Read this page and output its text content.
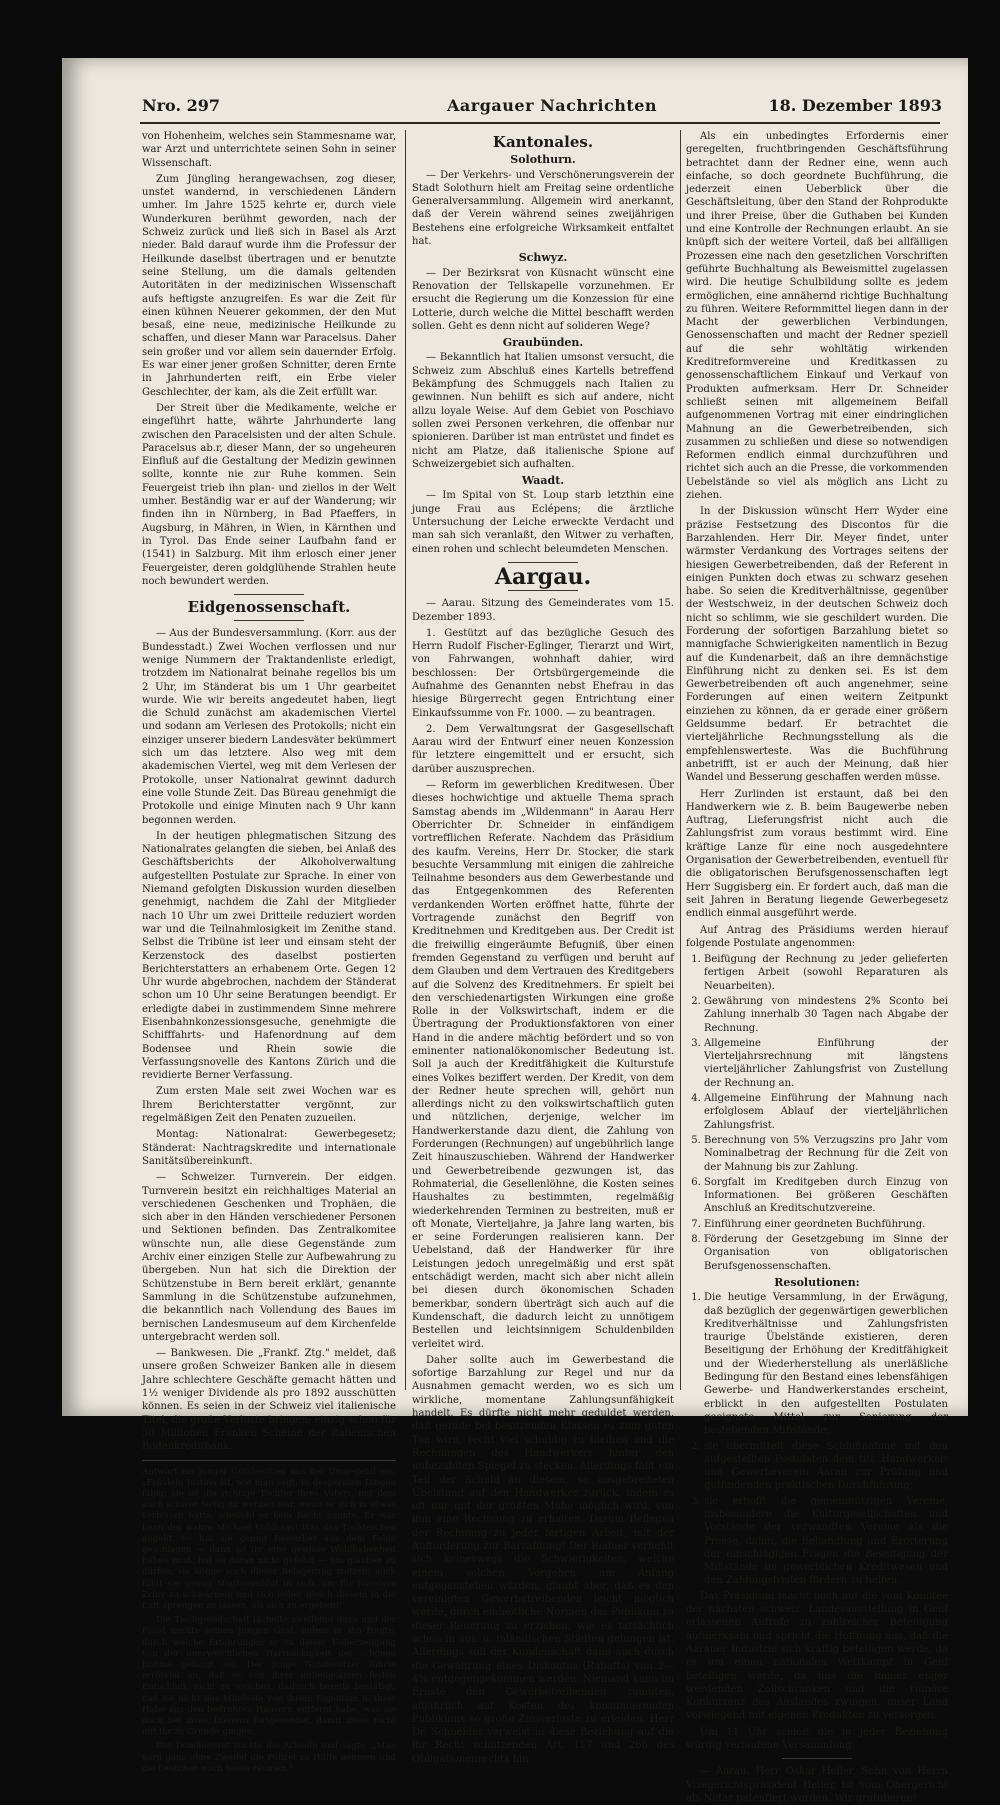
Nro. 297	Aargauer Nachrichten	18. Dezember 1893

von Hohenheim, welches sein Stammesname war, war Arzt und unterrichtete seinen Sohn in seiner Wissenschaft.

Zum Jüngling herangewachsen, zog dieser, unstet wandernd, in verschiedenen Ländern umher. Im Jahre 1525 kehrte er, durch viele Wunderkuren berühmt geworden, nach der Schweiz zurück und ließ sich in Basel als Arzt nieder. Bald darauf wurde ihm die Professur der Heilkunde daselbst übertragen und er benutzte seine Stellung, um die damals geltenden Autoritäten in der medizinischen Wissenschaft aufs heftigste anzugreifen. Es war die Zeit für einen kühnen Neuerer gekommen, der den Mut besaß, eine neue, medizinische Heilkunde zu schaffen, und dieser Mann war Paracelsus. Daher sein großer und vor allem sein dauernder Erfolg. Es war einer jener großen Schnitter, deren Ernte in Jahrhunderten reift, ein Erbe vieler Geschlechter, der kam, als die Zeit erfüllt war.

Der Streit über die Medikamente, welche er eingeführt hatte, währte Jahrhunderte lang zwischen den Paracelsisten und der alten Schule. Paracelsus ab.r, dieser Mann, der so ungeheuren Einfluß auf die Gestaltung der Medizin gewinnen sollte, konnte nie zur Ruhe kommen. Sein Feuergeist trieb ihn plan- und ziellos in der Welt umher. Beständig war er auf der Wanderung; wir finden ihn in Nürnberg, in Bad Pfaeffers, in Augsburg, in Mähren, in Wien, in Kärnthen und in Tyrol. Das Ende seiner Laufbahn fand er (1541) in Salzburg. Mit ihm erlosch einer jener Feuergeister, deren goldglühende Strahlen heute noch bewundert werden.

Eidgenossenschaft.

— Aus der Bundesversammlung. (Korr. aus der Bundesstadt.) Zwei Wochen verflossen und nur wenige Nummern der Traktandenliste erledigt, trotzdem im Nationalrat beinahe regellos bis um 2 Uhr, im Ständerat bis um 1 Uhr gearbeitet wurde. Wie wir bereits angedeutet haben, liegt die Schuld zunächst am akademischen Viertel und sodann am Verlesen des Protokolls; nicht ein einziger unserer biedern Landesväter bekümmert sich um das letztere. Also weg mit dem akademischen Viertel, weg mit dem Verlesen der Protokolle, unser Nationalrat gewinnt dadurch eine volle Stunde Zeit. Das Büreau genehmigt die Protokolle und einige Minuten nach 9 Uhr kann begonnen werden.

In der heutigen phlegmatischen Sitzung des Nationalrates gelangten die sieben, bei Anlaß des Geschäftsberichts der Alkoholverwaltung aufgestellten Postulate zur Sprache. In einer von Niemand gefolgten Diskussion wurden dieselben genehmigt, nachdem die Zahl der Mitglieder nach 10 Uhr um zwei Dritteile reduziert worden war und die Teilnahmlosigkeit im Zenithe stand. Selbst die Tribüne ist leer und einsam steht der Kerzenstock des daselbst postierten Berichterstatters an erhabenem Orte. Gegen 12 Uhr wurde abgebrochen, nachdem der Ständerat schon um 10 Uhr seine Beratungen beendigt. Er erledigte dabei in zustimmendem Sinne mehrere Eisenbahnkonzessionsgesuche, genehmigte die Schifffahrts- und Hafenordnung auf dem Bodensee und Rhein sowie die Verfassungsnovelle des Kantons Zürich und die revidierte Berner Verfassung.

Zum ersten Male seit zwei Wochen war es Ihrem Berichterstatter vergönnt, zur regelmäßigen Zeit den Penaten zuzueilen.

Montag: Nationalrat: Gewerbegesetz; Ständerat: Nachtragskredite und internationale Sanitätsübereinkunft.

— Schweizer. Turnverein. Der eidgen. Turnverein besitzt ein reichhaltiges Material an verschiedenen Geschenken und Trophäen, die sich aber in den Händen verschiedener Personen und Sektionen befinden. Das Zentralkomitee wünschte nun, alle diese Gegenstände zum Archiv einer einzigen Stelle zur Aufbewahrung zu übergeben. Nun hat sich die Direktion der Schützenstube in Bern bereit erklärt, genannte Sammlung in die Schützenstube aufzunehmen, die bekanntlich nach Vollendung des Baues im bernischen Landesmuseum auf dem Kirchenfelde untergebracht werden soll.

— Bankwesen. Die „Frankf. Ztg." meldet, daß unsere großen Schweizer Banken alle in diesem Jahre schlechtere Geschäfte gemacht hätten und 1½ weniger Dividende als pro 1892 ausschütten können. Es seien in der Schweiz viel italienische Titel, die große Verluste bringen; einzig schon für 30 Millionen Franken Scheine der italienischen Bodenkreditbank.

Antwort ein junger Gutsbesitzer aus der Umgegend ein. „Fräulein Justina ist, wie man sagt, in desperaten Dingen fähig; sie ist die richtige Tochter ihres Vaters, mit dem auch schwer fertig zu werden war, wenn er sich in etwas verbissen hatte, wiewohl er kein Recht nannte. Er war bann der wahre Michael Kohlhaas! Was das Töchterchen angeht, so hat sie genug Bewerber aus dem Felde geschlagen — dann ist ihr eine gewisse Wohlhabenheit haben muß, hat es daran nicht gefehlt — um glauben zu dürfen, sie könne auch dieser Belagerung trotzen; auch fühlt sie genug Magharenblut in sich, um für Nicolaus Zriny zu schwärmen und sich lieber gleich diesem in die Luft sprengen zu lassen, als sich zu ergeben!"

Die Tischgesellschaft lächelte zweifelnd dazu und der Fürst neckte seinen jungen Gast, indem er ihn fragte, durch welche Erfahrungen er zu dieser Ueberzeugung von der unerweichlichen Hartnäckigkeit der schönen Justina gelangt sei. Der junge Gutsbesitzer führte errötend an, daß er von ihrer unbeugsamen festen Entschluß, nicht zu weichen, dadurch bereits bestätigt, daß sie nicht das Mindeste von ihrem Eigentum u. ihrer Habe aus den bedrohten Häusern entfernt habe, was sie doch bei ihren Dienern fortgesendet, damit diese nicht mit ihr zu Grunde gingen.

Der Domänenrat zuckte die Achseln und sagte: „Man wird ganz ohne Zweifel die Polizei zu Hülfe nehmen und die Leutchen noch heute räumen."

Kantonales.
Solothurn.

— Der Verkehrs- und Verschönerungsverein der Stadt Solothurn hielt am Freitag seine ordentliche Generalversammlung. Allgemein wird anerkannt, daß der Verein während seines zweijährigen Bestehens eine erfolgreiche Wirksamkeit entfaltet hat.

Schwyz.

— Der Bezirksrat von Küsnacht wünscht eine Renovation der Tellskapelle vorzunehmen. Er ersucht die Regierung um die Konzession für eine Lotterie, durch welche die Mittel beschafft werden sollen. Geht es denn nicht auf solideren Wege?

Graubünden.

— Bekanntlich hat Italien umsonst versucht, die Schweiz zum Abschluß eines Kartells betreffend Bekämpfung des Schmuggels nach Italien zu gewinnen. Nun behilft es sich auf andere, nicht allzu loyale Weise. Auf dem Gebiet von Poschiavo sollen zwei Personen verkehren, die offenbar nur spionieren. Darüber ist man entrüstet und findet es nicht am Platze, daß italienische Spione auf Schweizergebiet sich aufhalten.

Waadt.

— Im Spital von St. Loup starb letzthin eine junge Frau aus Eclépens; die ärztliche Untersuchung der Leiche erweckte Verdacht und man sah sich veranlaßt, den Witwer zu verhaften, einen rohen und schlecht beleumdeten Menschen.

Aargau.

— Aarau. Sitzung des Gemeinderates vom 15. Dezember 1893.

1. Gestützt auf das bezügliche Gesuch des Herrn Rudolf Fischer-Eglinger, Tierarzt und Wirt, von Fahrwangen, wohnhaft dahier, wird beschlossen: Der Ortsbürgergemeinde die Aufnahme des Genannten nebst Ehefrau in das hiesige Bürgerrecht gegen Entrichtung einer Einkaufssumme von Fr. 1000. — zu beantragen.

2. Dem Verwaltungsrat der Gasgesellschaft Aarau wird der Entwurf einer neuen Konzession für letztere eingemittelt und er ersucht, sich darüber auszusprechen.

— Reform im gewerblichen Kreditwesen. Über dieses hochwichtige und aktuelle Thema sprach Samstag abends im „Wildenmann" in Aarau Herr Oberrichter Dr. Schneider in einfändigem vortrefflichen Referate. Nachdem das Präsidium des kaufm. Vereins, Herr Dr. Stocker, die stark besuchte Versammlung mit einigen die zahlreiche Teilnahme besonders aus dem Gewerbestande und das Entgegenkommen des Referenten verdankenden Worten eröffnet hatte, führte der Vortragende zunächst den Begriff von Kreditnehmen und Kreditgeben aus. Der Credit ist die freiwillig eingeräumte Befugniß, über einen fremden Gegenstand zu verfügen und beruht auf dem Glauben und dem Vertrauen des Kreditgebers auf die Solvenz des Kreditnehmers. Er spielt bei den verschiedenartigsten Wirkungen eine große Rolle in der Volkswirtschaft, indem er die Übertragung der Produktionsfaktoren von einer Hand in die andere mächtig befördert und so von eminenter nationalökonomischer Bedeutung ist. Soll ja auch der Kreditfähigkeit die Kulturstufe eines Volkes beziffert werden. Der Kredit, von dem der Redner heute sprechen will, gehört nun allerdings nicht zu den volkswirtschaftlich guten und nützlichen, derjenige, welcher im Handwerkerstande dazu dient, die Zahlung von Forderungen (Rechnungen) auf ungebührlich lange Zeit hinauszuschieben. Während der Handwerker und Gewerbetreibende gezwungen ist, das Rohmaterial, die Gesellenlöhne, die Kosten seines Haushaltes zu bestimmten, regelmäßig wiederkehrenden Terminen zu bestreiten, muß er oft Monate, Vierteljahre, ja Jahre lang warten, bis er seine Forderungen realisieren kann. Der Uebelstand, daß der Handwerker für ihre Leistungen jedoch unregelmäßig und erst spät entschädigt werden, macht sich aber nicht allein bei diesen durch ökonomischen Schaden bemerkbar, sondern überträgt sich auch auf die Kundenschaft, die dadurch leicht zu unnötigem Bestellen und leichtsinnigem Schuldenbilden verleitet wird.

Daher sollte auch im Gewerbestand die sofortige Barzahlung zur Regel und nur da Ausnahmen gemacht werden, wo es sich um wirkliche, momentane Zahlungsunfähigkeit handelt. Es dürfte nicht mehr geduldet werden, daß gerade bei besitzenden Klassen es zum guten Ton wird, recht viel schuldig zu bleiben und die Rechnungen des Handwerkers hinter den unbezahlten Spiegel zu stecken. Allerdings fällt ein Teil der Schuld an diesem, so ausgebreiteten Übelstand auf den Handwerker zurück, indem es oft nur mit der größten Mühe möglich wird, von ihm eine Rechnung zu erhalten. Darum Beilegen der Rechnung zu jeder fertigen Arbeit, mit der Aufforderung zur Barzahlung! Der Redner verhehlt sich keineswegs die Schwierigkeiten, welche einem solchen Vorgehen am Anfang entgegenstehen würden, glaubt aber, daß es den vereinigten Gewerbetreibenden leicht möglich werde, durch einheitliche Normen das Publikum zu dieser Reuerung zu erziehen, wie es tatsächlich schon in aus. u. inländischen Städten gelungen ist. Allerdings soll der Kundenschaft dann auch durch die Gewährung eines Diskontos (Rabatts) von 2—4% entgegengekommen werden. Niemand kann im Ernste den Gewerbetreibenden zumuten, alljährlich auf Kosten des konsumierenden Publikums so große Zinsverluste zu erleiden. Herr Dr. Schneider verweist in diese Beziehung auf die ihr Recht schützenden Art. 117 und 266 des Obligationenrechts hin.

Als ein unbedingtes Erfordernis einer geregelten, fruchtbringenden Geschäftsführung betrachtet dann der Redner eine, wenn auch einfache, so doch geordnete Buchführung, die jederzeit einen Ueberblick über die Geschäftsleitung, über den Stand der Rohprodukte und ihrer Preise, über die Guthaben bei Kunden und eine Kontrolle der Rechnungen erlaubt. An sie knüpft sich der weitere Vorteil, daß bei allfälligen Prozessen eine nach den gesetzlichen Vorschriften geführte Buchhaltung als Beweismittel zugelassen wird. Die heutige Schulbildung sollte es jedem ermöglichen, eine annähernd richtige Buchhaltung zu führen. Weitere Reformmittel liegen dann in der Macht der gewerblichen Verbindungen, Genossenschaften und macht der Redner speziell auf die sehr wohltätig wirkenden Kreditreformvereine und Kreditkassen zu genossenschaftlichem Einkauf und Verkauf von Produkten aufmerksam. Herr Dr. Schneider schließt seinen mit allgemeinem Beifall aufgenommenen Vortrag mit einer eindringlichen Mahnung an die Gewerbetreibenden, sich zusammen zu schließen und diese so notwendigen Reformen endlich einmal durchzuführen und richtet sich auch an die Presse, die vorkommenden Uebelstände so viel als möglich ans Licht zu ziehen.

In der Diskussion wünscht Herr Wyder eine präzise Festsetzung des Discontos für die Barzahlenden. Herr Dir. Meyer findet, unter wärmster Verdankung des Vortrages seitens der hiesigen Gewerbetreibenden, daß der Referent in einigen Punkten doch etwas zu schwarz gesehen habe. So seien die Kreditverhältnisse, gegenüber der Westschweiz, in der deutschen Schweiz doch nicht so schlimm, wie sie geschildert wurden. Die Forderung der sofortigen Barzahlung bietet so mannigfache Schwierigkeiten namentlich in Bezug auf die Kundenarbeit, daß an ihre demnächstige Einführung nicht zu denken sei. Es ist dem Gewerbetreibenden oft auch angenehmer, seine Forderungen auf einen weitern Zeitpunkt einziehen zu können, da er gerade einer größern Geldsumme bedarf. Er betrachtet die vierteljährliche Rechnungsstellung als die empfehlenswerteste. Was die Buchführung anbetrifft, ist er auch der Meinung, daß hier Wandel und Besserung geschaffen werden müsse.

Herr Zurlinden ist erstaunt, daß bei den Handwerkern wie z. B. beim Baugewerbe neben Auftrag, Lieferungsfrist nicht auch die Zahlungsfrist zum voraus bestimmt wird. Eine kräftige Lanze für eine noch ausgedehntere Organisation der Gewerbetreibenden, eventuell für die obligatorischen Berufsgenossenschaften legt Herr Suggisberg ein. Er fordert auch, daß man die seit Jahren in Beratung liegende Gewerbegesetz endlich einmal ausgeführt werde.

Auf Antrag des Präsidiums werden hierauf folgende Postulate angenommen:

1. Beifügung der Rechnung zu jeder gelieferten fertigen Arbeit (sowohl Reparaturen als Neuarbeiten).
2. Gewährung von mindestens 2% Sconto bei Zahlung innerhalb 30 Tagen nach Abgabe der Rechnung.
3. Allgemeine Einführung der Vierteljahrsrechnung mit längstens vierteljährlicher Zahlungsfrist von Zustellung der Rechnung an.
4. Allgemeine Einführung der Mahnung nach erfolglosem Ablauf der vierteljährlichen Zahlungsfrist.
5. Berechnung von 5% Verzugszins pro Jahr vom Nominalbetrag der Rechnung für die Zeit von der Mahnung bis zur Zahlung.
6. Sorgfalt im Kreditgeben durch Einzug von Informationen. Bei größeren Geschäften Anschluß an Kreditschutzvereine.
7. Einführung einer geordneten Buchführung.
8. Förderung der Gesetzgebung im Sinne der Organisation von obligatorischen Berufsgenossenschaften.
Resolutionen:
1. Die heutige Versammlung, in der Erwägung, daß bezüglich der gegenwärtigen gewerblichen Kreditverhältnisse und Zahlungsfristen traurige Übelstände existieren, deren Beseitigung der Erhöhung der Kreditfähigkeit und der Wiederherstellung als unerläßliche Bedingung für den Bestand eines lebensfähigen Gewerbe- und Handwerkerstandes erscheint, erblickt in den aufgestellten Postulaten geeignete Mittel zur Sanierung der bestehenden Mißstände;
2. sie übermittelt diese Schlußnahme mit den aufgestellten Postulaten dem titl. Handwerker- und Gewerbeverein Aarau zur Prüfung und gutfindenden praktischen Durchführung;
3. sie erhofft die gemeinnützigen Vereine, insbesondere die Kulturgesellschaften und Vorstände der verwandten Vereine als die Presse, dahin, die Behandlung und Erörterung der einschlägigen Fragen die Beseitigung der Mißstände im gewerblichen Kreditwesen und den Zahlungsfristen fördern zu helfen.

Das Präsidium macht noch auf die vom Komitee der nächsten schweiz. Landesausstellung in Genf erlassenen Aufrufe zu zahlreicher Beteiligung aufmerksam und spricht die Hoffnung aus, daß die Aarauer Industrie sich kräftig beteiligen werde, da es um einen nationalen Wettkampf in Genf beteiligen werde, da uns die immer enger werdenden Zollschranken und die ruinöse Konkurrenz des Auslandes zwingen, unser Land vorwiegend mit eigenen Produkten zu versorgen.

Um 11 Uhr schloß die in jeder Beziehung würdig verlaufene Versammlung.

— Aarau. Herr Oskar Heller, Sohn von Herrn Vizegerichtspräsident Heller, ist vom Obergericht als Notar patentiert worden. Wir gratulieren!
